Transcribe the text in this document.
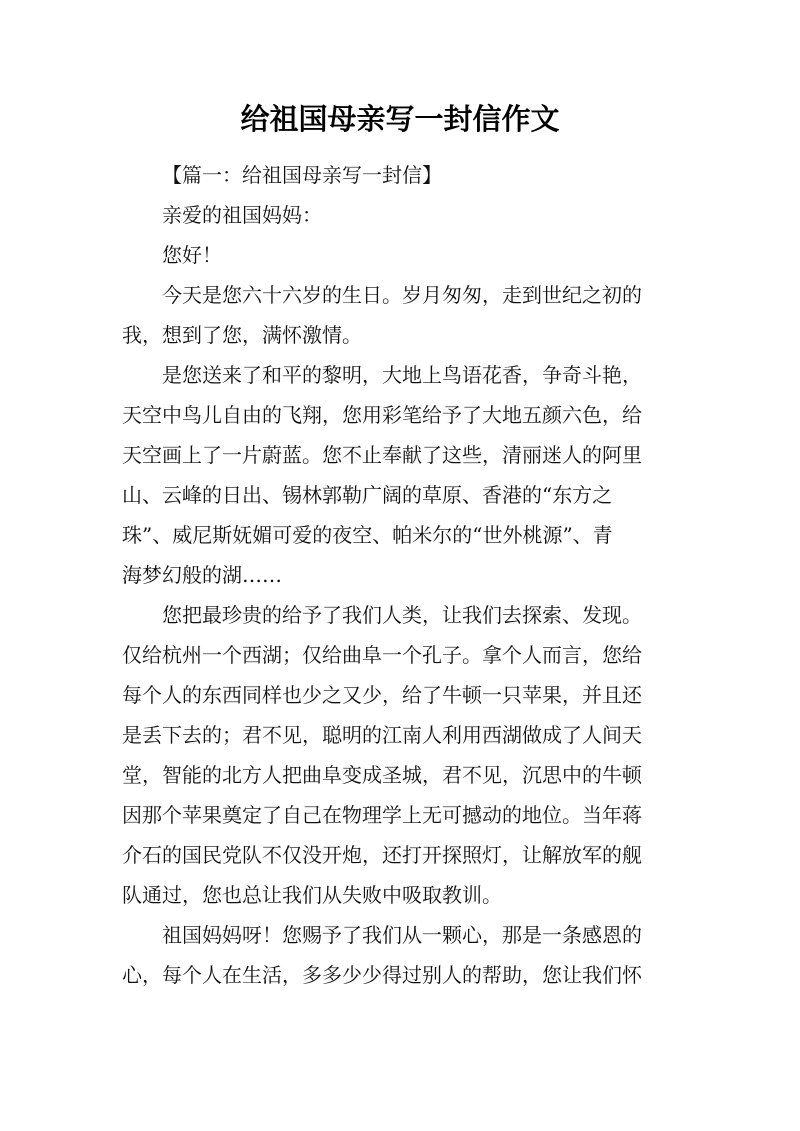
给祖国母亲写一封信作文

【篇一：给祖国母亲写一封信】

亲爱的祖国妈妈：

您好！

今天是您六十六岁的生日。岁月匆匆，走到世纪之初的
我，想到了您，满怀激情。

是您送来了和平的黎明，大地上鸟语花香，争奇斗艳，
天空中鸟儿自由的飞翔，您用彩笔给予了大地五颜六色，给
天空画上了一片蔚蓝。您不止奉献了这些，清丽迷人的阿里
山、云峰的日出、锡林郭勒广阔的草原、香港的“东方之
珠”、威尼斯妩媚可爱的夜空、帕米尔的“世外桃源”、青
海梦幻般的湖……

您把最珍贵的给予了我们人类，让我们去探索、发现。
仅给杭州一个西湖；仅给曲阜一个孔子。拿个人而言，您给
每个人的东西同样也少之又少，给了牛顿一只苹果，并且还
是丢下去的；君不见，聪明的江南人利用西湖做成了人间天
堂，智能的北方人把曲阜变成圣城，君不见，沉思中的牛顿
因那个苹果奠定了自己在物理学上无可撼动的地位。当年蒋
介石的国民党队不仅没开炮，还打开探照灯，让解放军的舰
队通过，您也总让我们从失败中吸取教训。

祖国妈妈呀！您赐予了我们从一颗心，那是一条感恩的
心，每个人在生活，多多少少得过别人的帮助，您让我们怀
